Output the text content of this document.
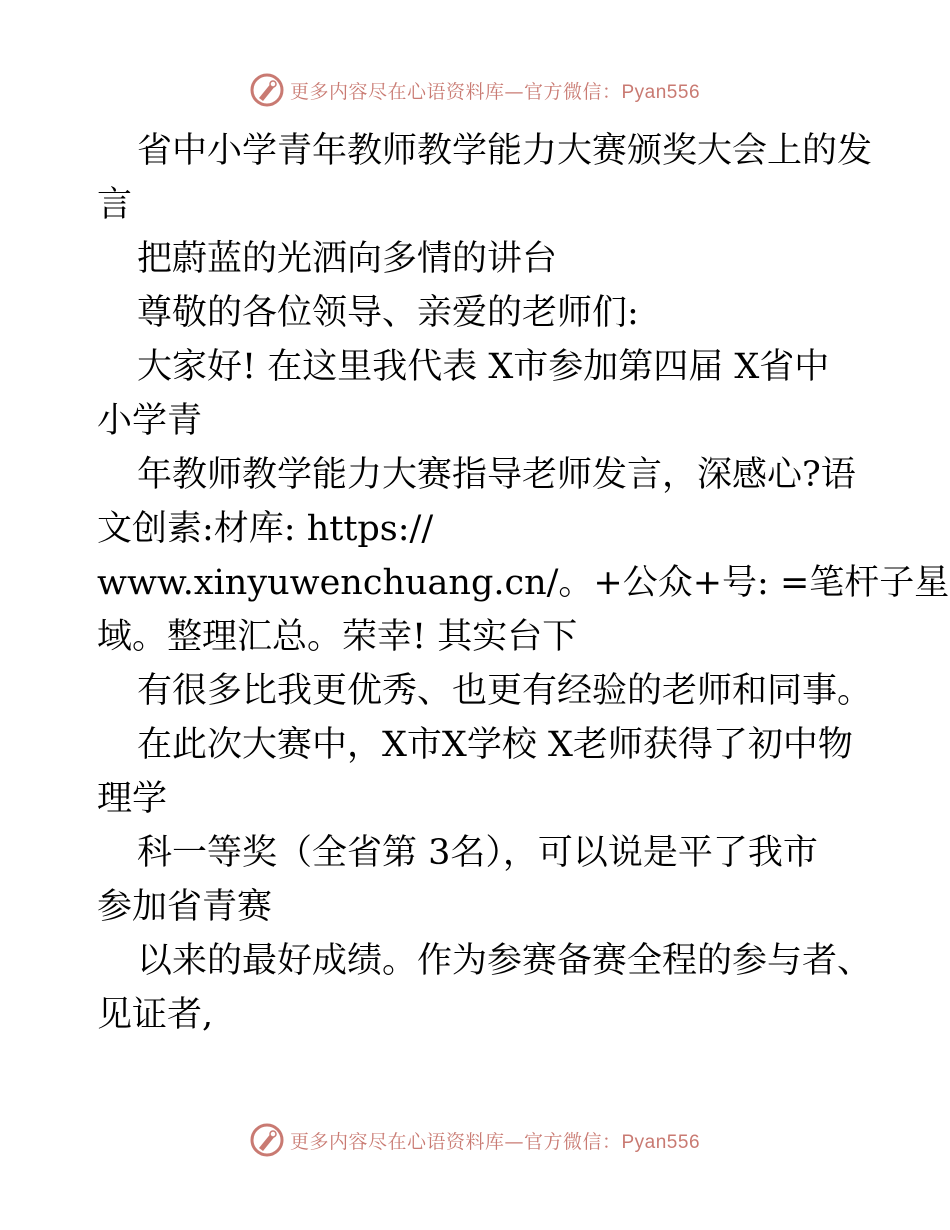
更多内容尽在心语资料库—官方微信：Pyan556
省中小学青年教师教学能力大赛颁奖大会上的发
言
把蔚蓝的光洒向多情的讲台
尊敬的各位领导、亲爱的老师们:
大家好! 在这里我代表 X市参加第四届 X省中
小学青
年教师教学能力大赛指导老师发言，深感心?语
文创素:材库: https://
www.xinyuwenchuang.cn/。+公众+号: =笔杆子星
域。整理汇总。荣幸! 其实台下
有很多比我更优秀、也更有经验的老师和同事。
在此次大赛中，X市X学校 X老师获得了初中物
理学
科一等奖（全省第 3名），可以说是平了我市
参加省青赛
以来的最好成绩。作为参赛备赛全程的参与者、
见证者,
更多内容尽在心语资料库—官方微信：Pyan556
